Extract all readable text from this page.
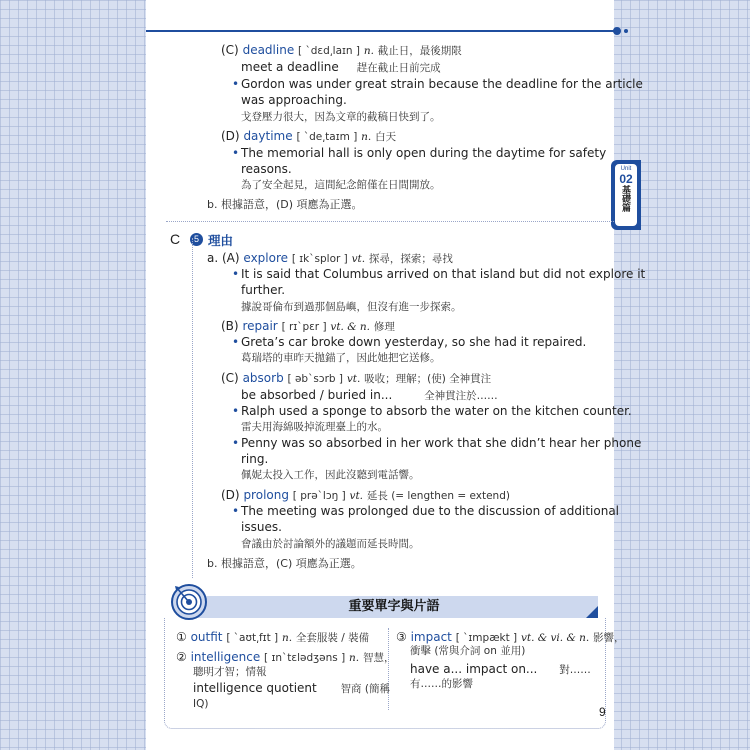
Unit
02
基礎篇
(C) deadline [ ˋdɛd͵laɪn ] n. 截止日，最後期限
meet a deadline 趕在截止日前完成
• Gordon was under great strain because the deadline for the article
was approaching.
戈登壓力很大，因為文章的截稿日快到了。
(D) daytime [ ˋde͵taɪm ] n. 白天
• The memorial hall is only open during the daytime for safety
reasons.
為了安全起見，這間紀念館僅在日間開放。
b. 根據語意，(D) 項應為正選。
C	5 理由
a. (A) explore [ ɪkˋsplor ] vt. 探尋，探索；尋找
• It is said that Columbus arrived on that island but did not explore it
further.
據說哥倫布到過那個島嶼，但沒有進一步探索。
(B) repair [ rɪˋpɛr ] vt. & n. 修理
• Greta’s car broke down yesterday, so she had it repaired.
葛瑞塔的車昨天拋錨了，因此她把它送修。
(C) absorb [ əbˋsɔrb ] vt. 吸收；理解；(使) 全神貫注
be absorbed / buried in...	全神貫注於……
• Ralph used a sponge to absorb the water on the kitchen counter.
雷夫用海綿吸掉流理臺上的水。
• Penny was so absorbed in her work that she didn’t hear her phone
ring.
佩妮太投入工作，因此沒聽到電話響。
(D) prolong [ prəˋlɔŋ ] vt. 延長 (= lengthen = extend)
• The meeting was prolonged due to the discussion of additional
issues.
會議由於討論額外的議題而延長時間。
b. 根據語意，(C) 項應為正選。
重要單字與片語
① outfit [ ˋaʊt͵fɪt ] n. 全套服裝 / 裝備
② intelligence [ ɪnˋtɛlədʒəns ] n. 智慧，
聰明才智；情報
intelligence quotient 智商 (簡稱
IQ)
③ impact [ ˋɪmpækt ] vt. & vi. & n. 影響，
衝擊 (常與介詞 on 並用)
have a... impact on... 對……
有……的影響
9
